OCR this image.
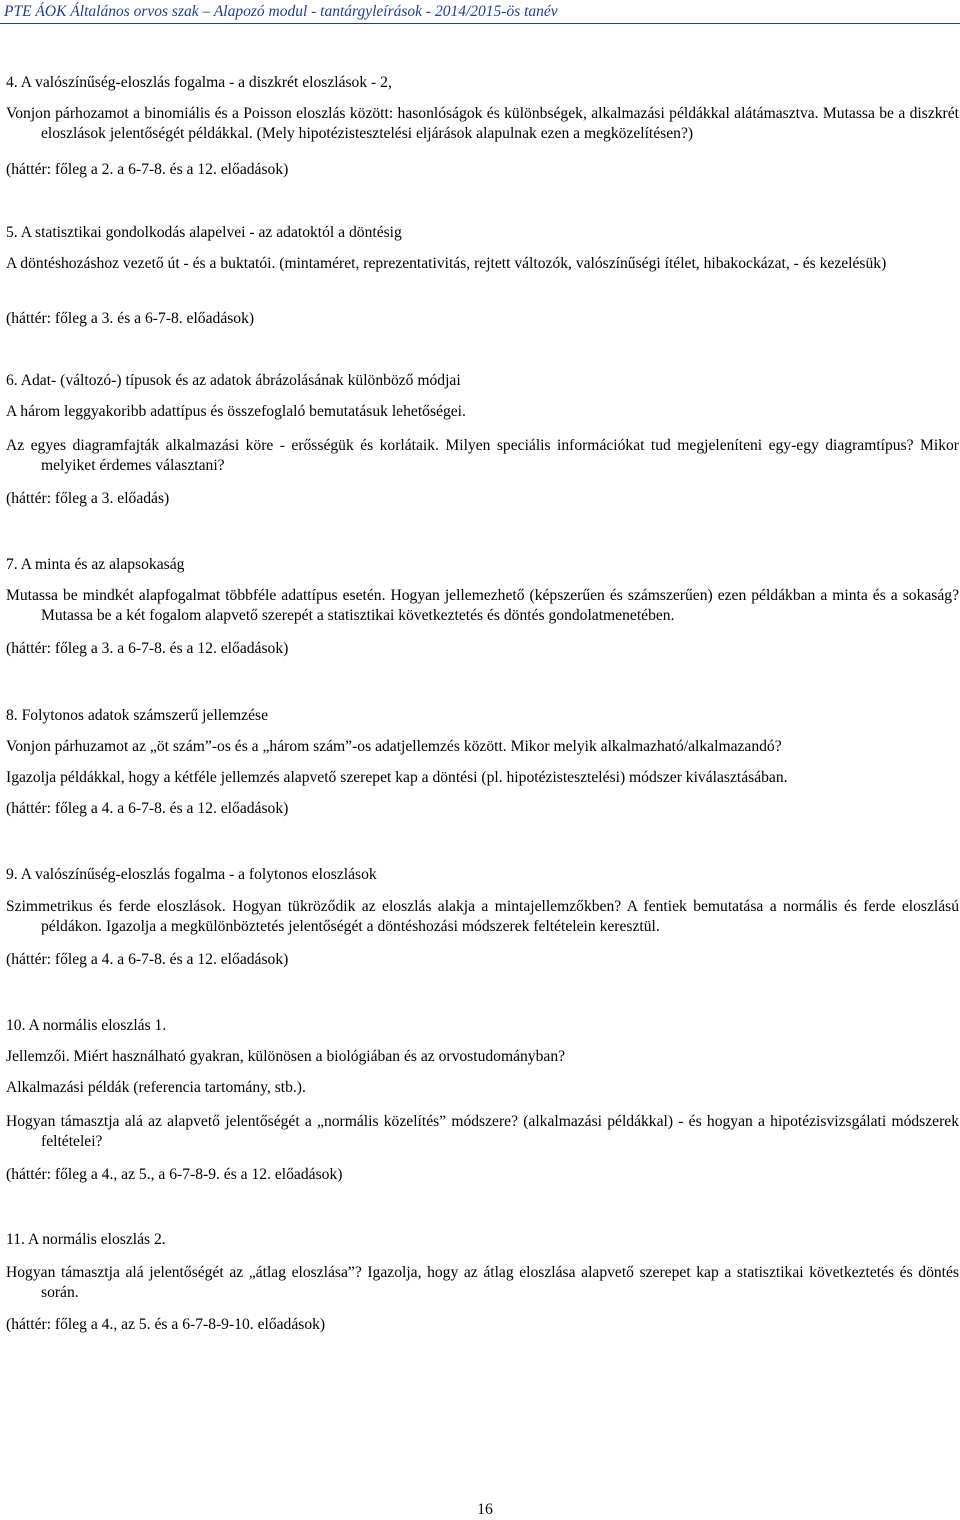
PTE ÁOK Általános orvos szak – Alapozó modul - tantárgyleírások - 2014/2015-ös tanév
4. A valószínűség-eloszlás fogalma - a diszkrét eloszlások - 2,

Vonjon párhozamot a binomiális és a Poisson eloszlás között: hasonlóságok és különbségek, alkalmazási példákkal alátámasztva. Mutassa be a diszkrét eloszlások jelentőségét példákkal. (Mely hipotézistesztelési eljárások alapulnak ezen a megközelítésen?)

(háttér: főleg a 2. a 6-7-8. és a 12. előadások)
5. A statisztikai gondolkodás alapelvei - az adatoktól a döntésig

A döntéshozáshoz vezető út - és a buktatói. (mintaméret, reprezentativitás, rejtett változók, valószínűségi ítélet, hibakockázat, - és kezelésük)

(háttér: főleg a 3. és a 6-7-8. előadások)
6. Adat- (változó-) típusok és az adatok ábrázolásának különböző módjai
A három leggyakoribb adattípus és összefoglaló bemutatásuk lehetőségei.

Az egyes diagramfajták alkalmazási köre - erősségük és korlátaik. Milyen speciális információkat tud megjeleníteni egy-egy diagramtípus? Mikor melyiket érdemes választani?

(háttér: főleg a 3. előadás)
7. A minta és az alapsokaság

Mutassa be mindkét alapfogalmat többféle adattípus esetén. Hogyan jellemezhető (képszerűen és számszerűen) ezen példákban a minta és a sokaság? Mutassa be a két fogalom alapvető szerepét a statisztikai következtetés és döntés gondolatmenetében.

(háttér: főleg a 3. a 6-7-8. és a 12. előadások)
8. Folytonos adatok számszerű jellemzése
Vonjon párhuzamot az „öt szám”-os és a „három szám”-os adatjellemzés között. Mikor melyik alkalmazható/alkalmazandó?
Igazolja példákkal, hogy a kétféle jellemzés alapvető szerepet kap a döntési (pl. hipotézistesztelési) módszer kiválasztásában.
(háttér: főleg a 4. a 6-7-8. és a 12. előadások)
9. A valószínűség-eloszlás fogalma - a folytonos eloszlások

Szimmetrikus és ferde eloszlások. Hogyan tükröződik az eloszlás alakja a mintajellemzőkben? A fentiek bemutatása a normális és ferde eloszlású példákon. Igazolja a megkülönböztetés jelentőségét a döntéshozási módszerek feltételein keresztül.

(háttér: főleg a 4. a 6-7-8. és a 12. előadások)
10. A normális eloszlás 1.
Jellemzői. Miért használható gyakran, különösen a biológiában és az orvostudományban?
Alkalmazási példák (referencia tartomány, stb.).

Hogyan támasztja alá az alapvető jelentőségét a „normális közelítés” módszere? (alkalmazási példákkal) - és hogyan a hipotézisvizsgálati módszerek feltételei?

(háttér: főleg a 4., az 5., a 6-7-8-9. és a 12. előadások)
11. A normális eloszlás 2.

Hogyan támasztja alá jelentőségét az „átlag eloszlása”? Igazolja, hogy az átlag eloszlása alapvető szerepet kap a statisztikai következtetés és döntés során.

(háttér: főleg a 4., az 5. és a 6-7-8-9-10. előadások)
16
